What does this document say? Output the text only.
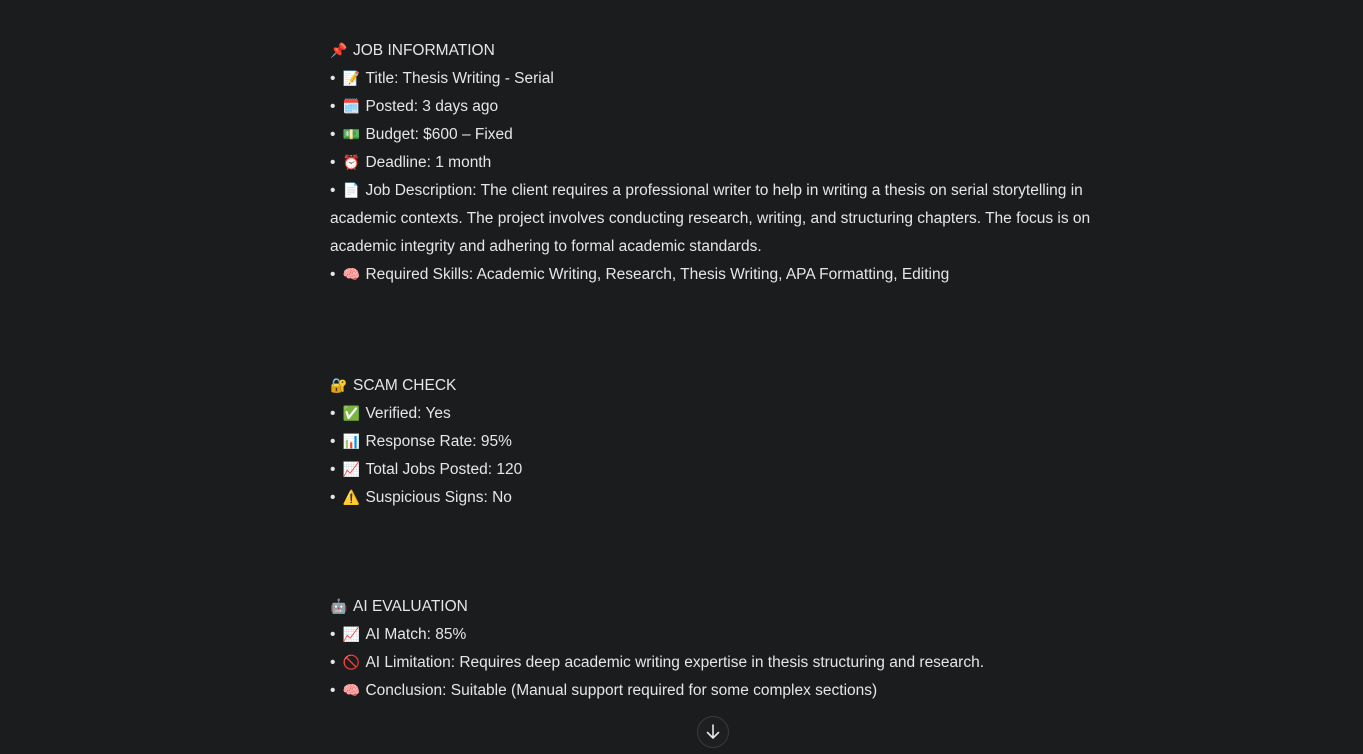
📌 JOB INFORMATION
• 📝 Title: Thesis Writing - Serial
• 🗓️ Posted: 3 days ago
• 💵 Budget: $600 – Fixed
• ⏰ Deadline: 1 month
• 📄 Job Description: The client requires a professional writer to help in writing a thesis on serial storytelling in academic contexts. The project involves conducting research, writing, and structuring chapters. The focus is on academic integrity and adhering to formal academic standards.
• 🧠 Required Skills: Academic Writing, Research, Thesis Writing, APA Formatting, Editing
🔐 SCAM CHECK
• ✅ Verified: Yes
• 📊 Response Rate: 95%
• 📈 Total Jobs Posted: 120
• ⚠️ Suspicious Signs: No
🤖 AI EVALUATION
• 📈 AI Match: 85%
• 🚫 AI Limitation: Requires deep academic writing expertise in thesis structuring and research.
• 🧠 Conclusion: Suitable (Manual support required for some complex sections)
